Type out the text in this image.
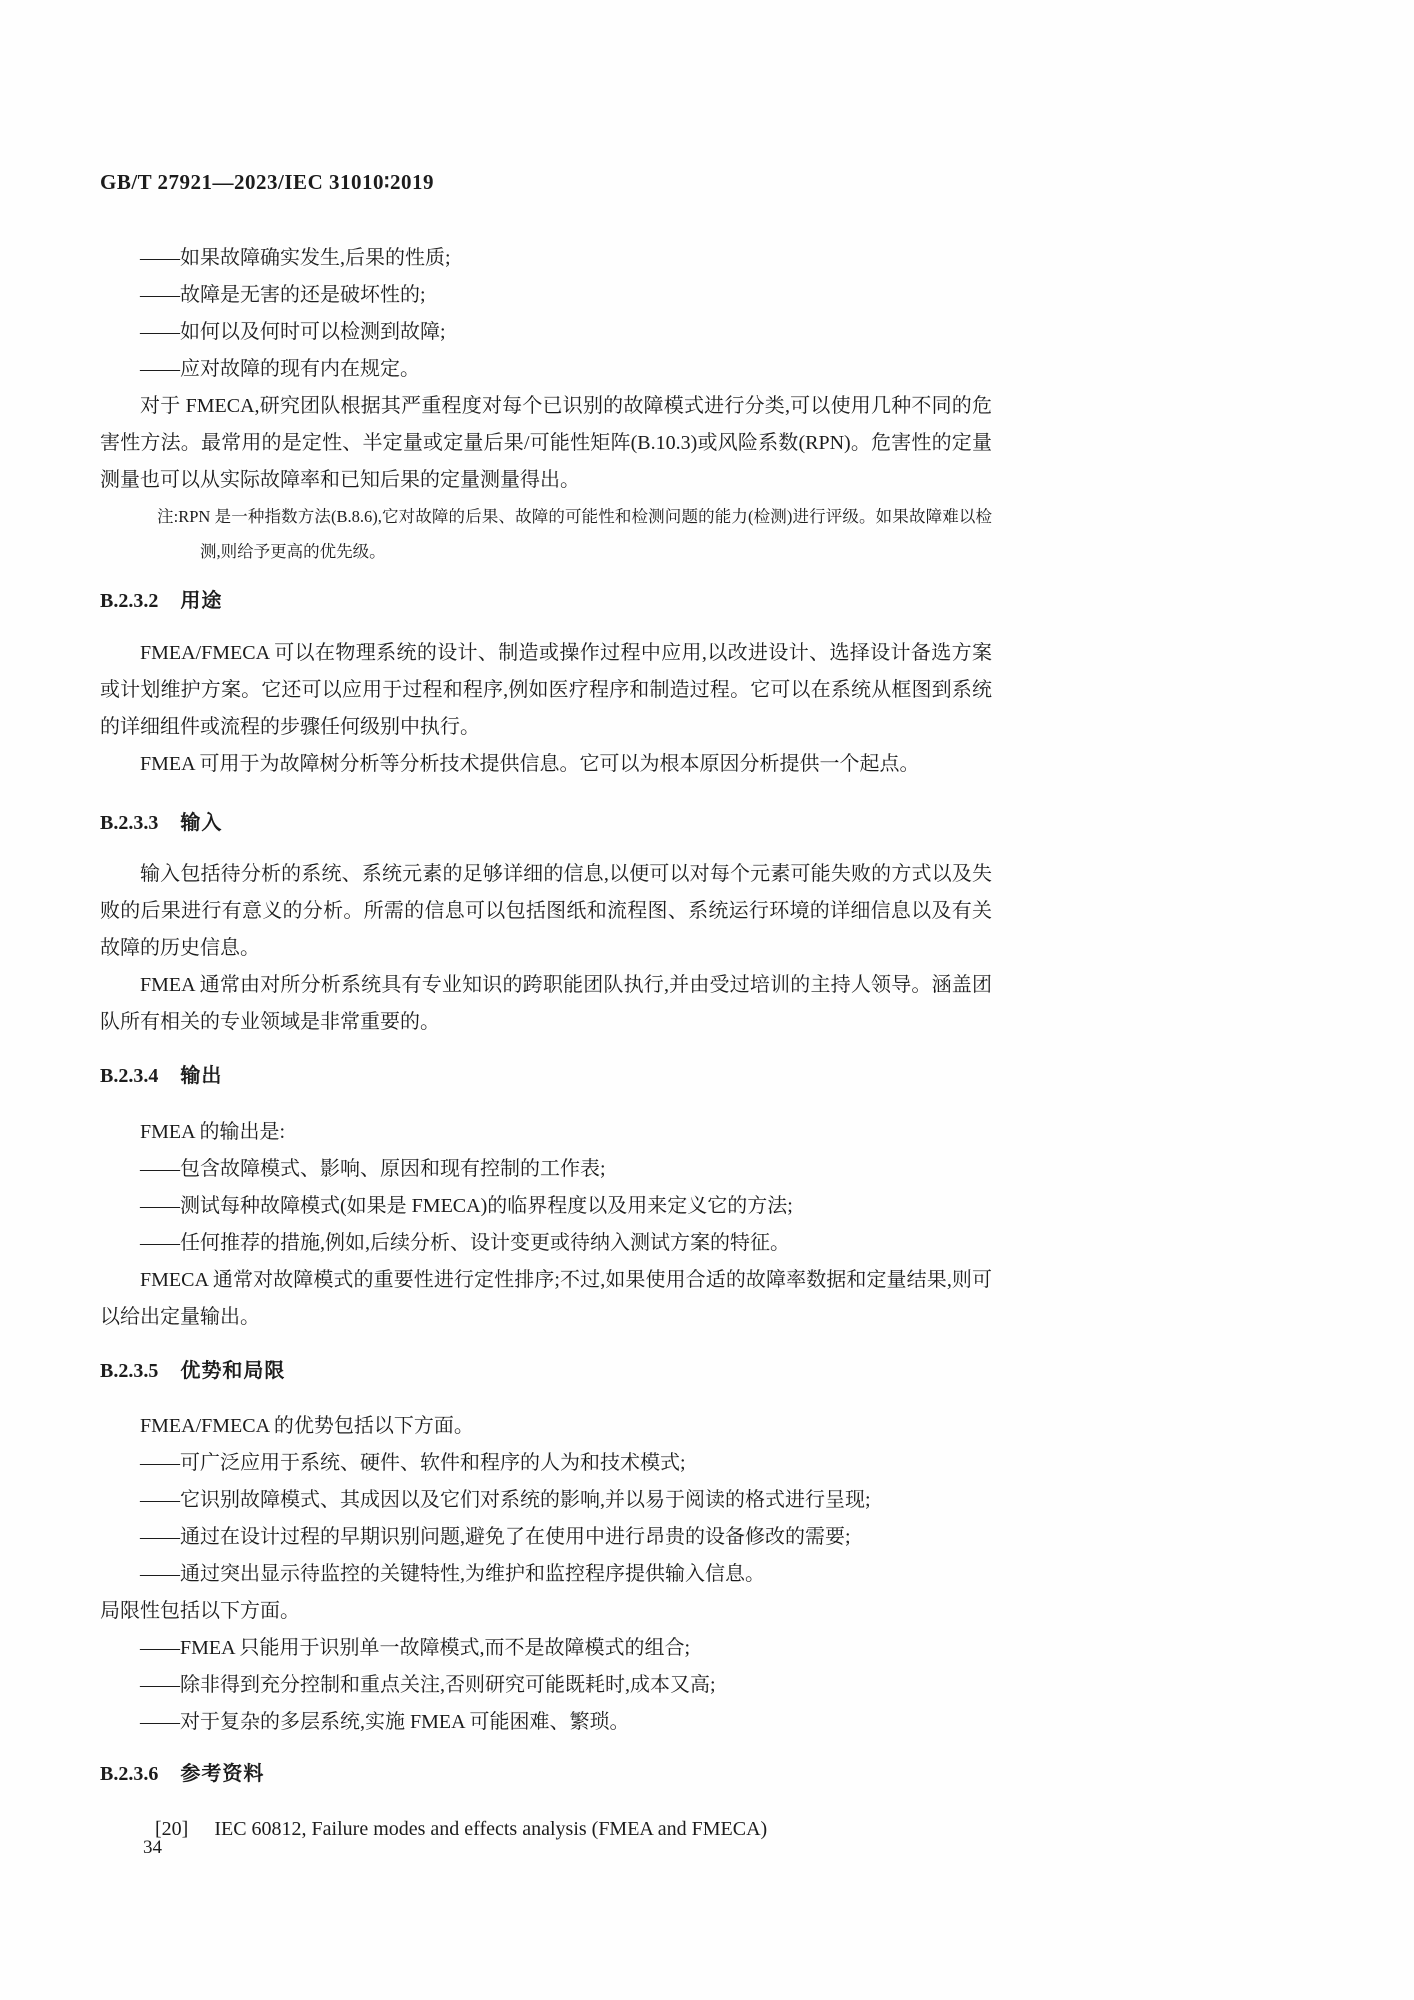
GB/T 27921—2023/IEC 31010∶2019
——如果故障确实发生,后果的性质;
——故障是无害的还是破坏性的;
——如何以及何时可以检测到故障;
——应对故障的现有内在规定。

对于 FMECA,研究团队根据其严重程度对每个已识别的故障模式进行分类,可以使用几种不同的危害性方法。最常用的是定性、半定量或定量后果/可能性矩阵(B.10.3)或风险系数(RPN)。危害性的定量测量也可以从实际故障率和已知后果的定量测量得出。

注:RPN 是一种指数方法(B.8.6),它对故障的后果、故障的可能性和检测问题的能力(检测)进行评级。如果故障难以检测,则给予更高的优先级。

B.2.3.2 用途

FMEA/FMECA 可以在物理系统的设计、制造或操作过程中应用,以改进设计、选择设计备选方案或计划维护方案。它还可以应用于过程和程序,例如医疗程序和制造过程。它可以在系统从框图到系统的详细组件或流程的步骤任何级别中执行。

FMEA 可用于为故障树分析等分析技术提供信息。它可以为根本原因分析提供一个起点。

B.2.3.3 输入

输入包括待分析的系统、系统元素的足够详细的信息,以便可以对每个元素可能失败的方式以及失败的后果进行有意义的分析。所需的信息可以包括图纸和流程图、系统运行环境的详细信息以及有关故障的历史信息。

FMEA 通常由对所分析系统具有专业知识的跨职能团队执行,并由受过培训的主持人领导。涵盖团队所有相关的专业领域是非常重要的。

B.2.3.4 输出

FMEA 的输出是:

——包含故障模式、影响、原因和现有控制的工作表;
——测试每种故障模式(如果是 FMECA)的临界程度以及用来定义它的方法;
——任何推荐的措施,例如,后续分析、设计变更或待纳入测试方案的特征。

FMECA 通常对故障模式的重要性进行定性排序;不过,如果使用合适的故障率数据和定量结果,则可以给出定量输出。

B.2.3.5 优势和局限

FMEA/FMECA 的优势包括以下方面。

——可广泛应用于系统、硬件、软件和程序的人为和技术模式;
——它识别故障模式、其成因以及它们对系统的影响,并以易于阅读的格式进行呈现;
——通过在设计过程的早期识别问题,避免了在使用中进行昂贵的设备修改的需要;
——通过突出显示待监控的关键特性,为维护和监控程序提供输入信息。

局限性包括以下方面。

——FMEA 只能用于识别单一故障模式,而不是故障模式的组合;
——除非得到充分控制和重点关注,否则研究可能既耗时,成本又高;
——对于复杂的多层系统,实施 FMEA 可能困难、繁琐。

B.2.3.6 参考资料

[20] IEC 60812, Failure modes and effects analysis (FMEA and FMECA)

34
